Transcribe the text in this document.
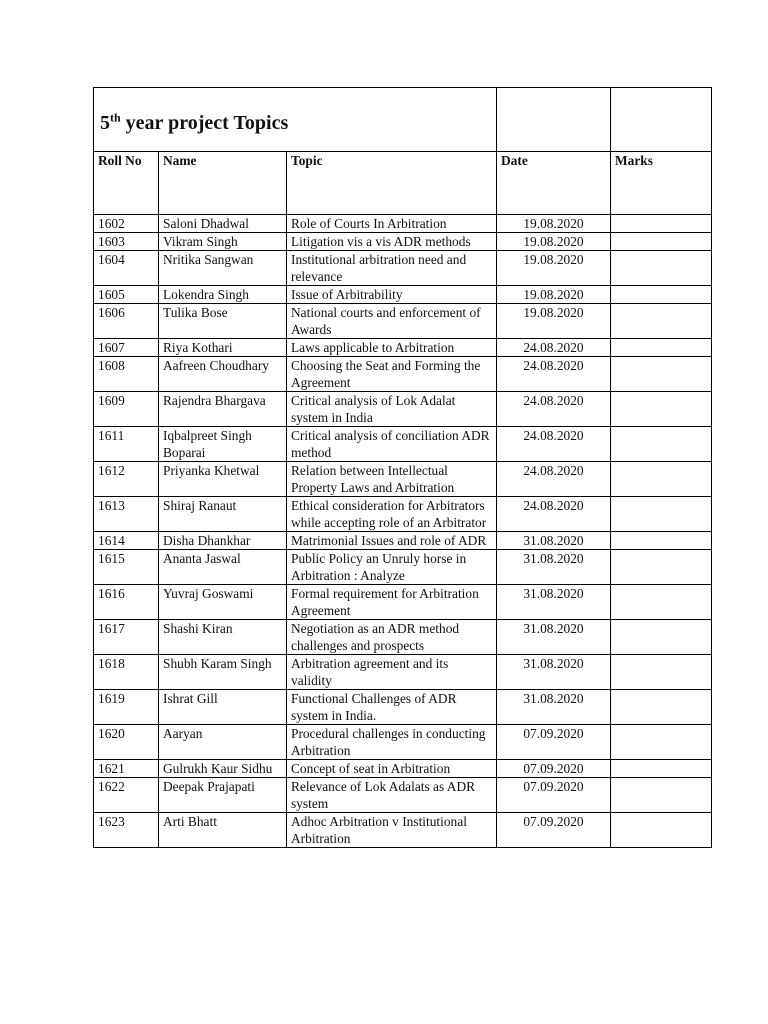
5th year project Topics				
Roll No	Name	Topic	Date	Marks
1602	Saloni Dhadwal	Role of Courts In Arbitration	19.08.2020	
1603	Vikram Singh	Litigation vis a vis ADR methods	19.08.2020	
1604	Nritika Sangwan	Institutional arbitration need and relevance	19.08.2020	
1605	Lokendra Singh	Issue of Arbitrability	19.08.2020	
1606	Tulika Bose	National courts and enforcement of Awards	19.08.2020	
1607	Riya Kothari	Laws applicable to Arbitration	24.08.2020	
1608	Aafreen Choudhary	Choosing the Seat and Forming the Agreement	24.08.2020	
1609	Rajendra Bhargava	Critical analysis of Lok Adalat system in India	24.08.2020	
1611	Iqbalpreet Singh Boparai	Critical analysis of conciliation ADR method	24.08.2020	
1612	Priyanka Khetwal	Relation between Intellectual Property Laws and Arbitration	24.08.2020	
1613	Shiraj Ranaut	Ethical consideration for Arbitrators while accepting role of an Arbitrator	24.08.2020	
1614	Disha Dhankhar	Matrimonial Issues and role of ADR	31.08.2020	
1615	Ananta Jaswal	Public Policy an Unruly horse in Arbitration : Analyze	31.08.2020	
1616	Yuvraj Goswami	Formal requirement for Arbitration Agreement	31.08.2020	
1617	Shashi Kiran	Negotiation as an ADR method challenges and prospects	31.08.2020	
1618	Shubh Karam Singh	Arbitration agreement and its validity	31.08.2020	
1619	Ishrat Gill	Functional Challenges of ADR system in India.	31.08.2020	
1620	Aaryan	Procedural challenges in conducting Arbitration	07.09.2020	
1621	Gulrukh Kaur Sidhu	Concept of seat in Arbitration	07.09.2020	
1622	Deepak Prajapati	Relevance of Lok Adalats as ADR system	07.09.2020	
1623	Arti Bhatt	Adhoc Arbitration v Institutional Arbitration	07.09.2020	
